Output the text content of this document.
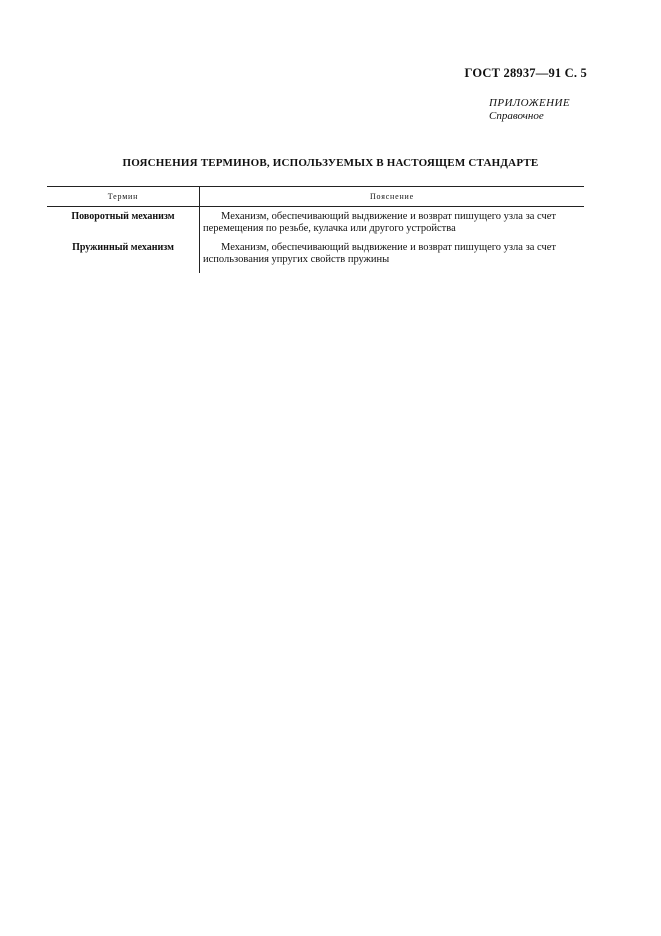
ГОСТ 28937—91 С. 5
ПРИЛОЖЕНИЕ
Справочное
ПОЯСНЕНИЯ ТЕРМИНОВ, ИСПОЛЬЗУЕМЫХ В НАСТОЯЩЕМ СТАНДАРТЕ
Термин	Пояснение
Поворотный механизм	Механизм, обеспечивающий выдвижение и возврат пишущего узла за счет перемещения по резьбе, кулачка или другого устройства

Пружинный механизм	Механизм, обеспечивающий выдвижение и возврат пишущего узла за счет использования упругих свойств пружины
